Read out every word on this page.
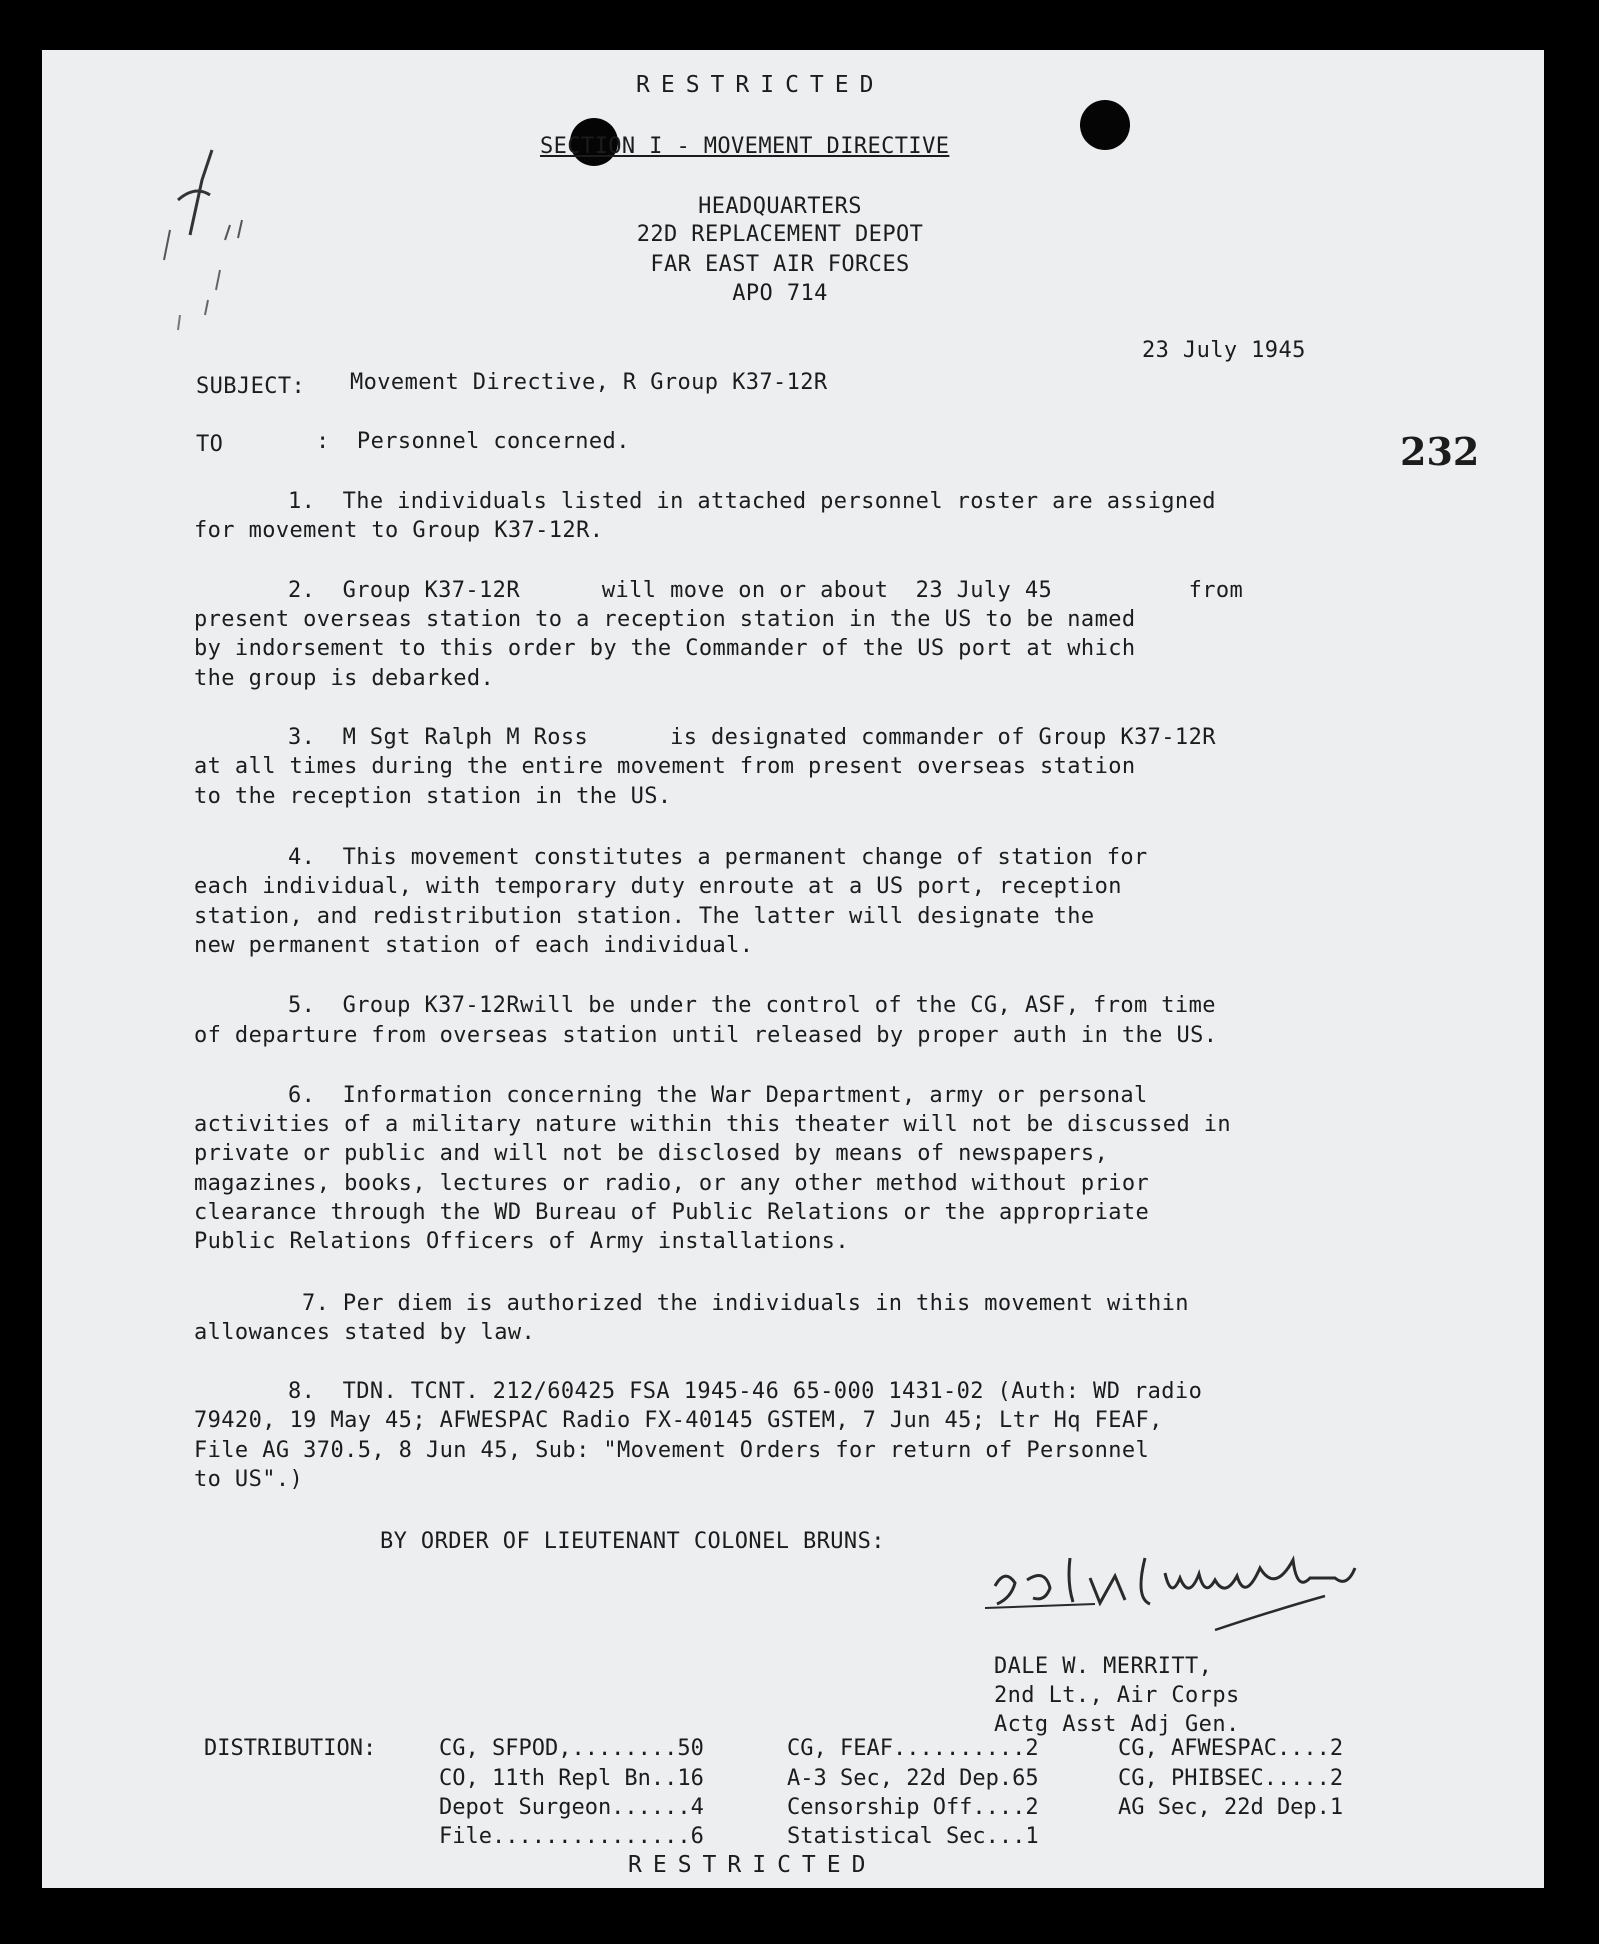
RESTRICTED
SECTION I - MOVEMENT DIRECTIVE
HEADQUARTERS
22D REPLACEMENT DEPOT
FAR EAST AIR FORCES
APO 714
23 July 1945
232
SUBJECT: Movement Directive, R Group K37-12R
TO	:  Personnel concerned.
1.  The individuals listed in attached personnel roster are assigned
for movement to Group K37-12R.
2.  Group K37-12R      will move on or about  23 July 45          from
present overseas station to a reception station in the US to be named
by indorsement to this order by the Commander of the US port at which
the group is debarked.
3.  M Sgt Ralph M Ross      is designated commander of Group K37-12R
at all times during the entire movement from present overseas station
to the reception station in the US.
4.  This movement constitutes a permanent change of station for
each individual, with temporary duty enroute at a US port, reception
station, and redistribution station. The latter will designate the
new permanent station of each individual.
5.  Group K37-12Rwill be under the control of the CG, ASF, from time
of departure from overseas station until released by proper auth in the US.
6.  Information concerning the War Department, army or personal
activities of a military nature within this theater will not be discussed in
private or public and will not be disclosed by means of newspapers,
magazines, books, lectures or radio, or any other method without prior
clearance through the WD Bureau of Public Relations or the appropriate
Public Relations Officers of Army installations.
7. Per diem is authorized the individuals in this movement within
allowances stated by law.
8.  TDN. TCNT. 212/60425 FSA 1945-46 65-000 1431-02 (Auth: WD radio
79420, 19 May 45; AFWESPAC Radio FX-40145 GSTEM, 7 Jun 45; Ltr Hq FEAF,
File AG 370.5, 8 Jun 45, Sub: "Movement Orders for return of Personnel
to US".)
BY ORDER OF LIEUTENANT COLONEL BRUNS:
DALE W. MERRITT,
2nd Lt., Air Corps
Actg Asst Adj Gen.
DISTRIBUTION:	CG, SFPOD,........50
CO, 11th Repl Bn..16
Depot Surgeon......4
File...............6
CG, FEAF..........2
A-3 Sec, 22d Dep.65
Censorship Off....2
Statistical Sec...1
CG, AFWESPAC....2
CG, PHIBSEC.....2
AG Sec, 22d Dep.1
RESTRICTED
